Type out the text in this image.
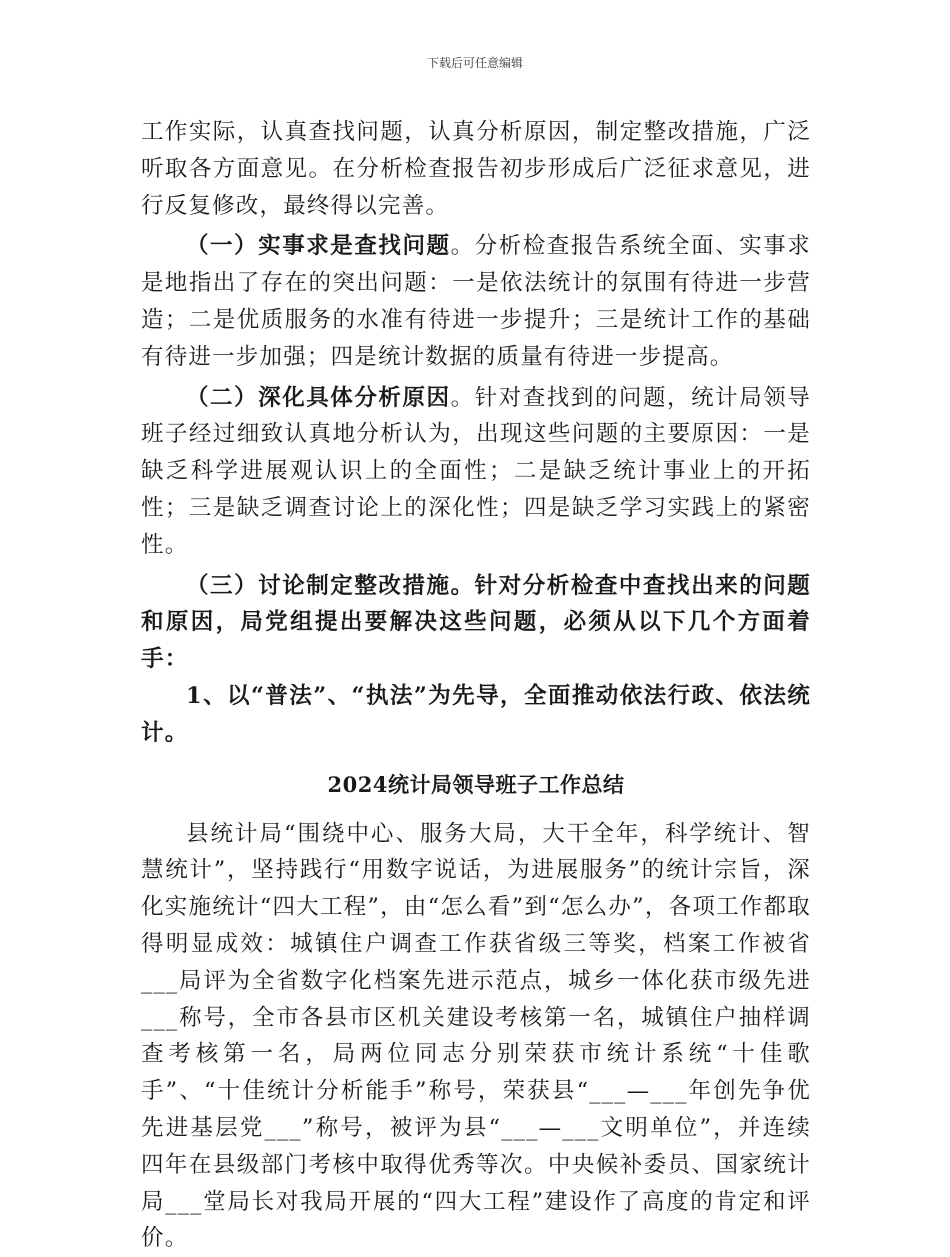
下载后可任意编辑

工作实际，认真查找问题，认真分析原因，制定整改措施，广泛听取各方面意见。在分析检查报告初步形成后广泛征求意见，进行反复修改，最终得以完善。

（一）实事求是查找问题。分析检查报告系统全面、实事求是地指出了存在的突出问题：一是依法统计的氛围有待进一步营造；二是优质服务的水准有待进一步提升；三是统计工作的基础有待进一步加强；四是统计数据的质量有待进一步提高。

（二）深化具体分析原因。针对查找到的问题，统计局领导班子经过细致认真地分析认为，出现这些问题的主要原因：一是缺乏科学进展观认识上的全面性；二是缺乏统计事业上的开拓性；三是缺乏调查讨论上的深化性；四是缺乏学习实践上的紧密性。

（三）讨论制定整改措施。针对分析检查中查找出来的问题和原因，局党组提出要解决这些问题，必须从以下几个方面着手：

1、以“普法”、“执法”为先导，全面推动依法行政、依法统计。

2024统计局领导班子工作总结

县统计局“围绕中心、服务大局，大干全年，科学统计、智慧统计”，坚持践行“用数字说话，为进展服务”的统计宗旨，深化实施统计“四大工程”，由“怎么看”到“怎么办”，各项工作都取得明显成效：城镇住户调查工作获省级三等奖，档案工作被省___局评为全省数字化档案先进示范点，城乡一体化获市级先进___称号，全市各县市区机关建设考核第一名，城镇住户抽样调查考核第一名，局两位同志分别荣获市统计系统“十佳歌手”、“十佳统计分析能手”称号，荣获县“___—___年创先争优先进基层党___”称号，被评为县“___—___文明单位”，并连续四年在县级部门考核中取得优秀等次。中央候补委员、国家统计局___堂局长对我局开展的“四大工程”建设作了高度的肯定和评价。
